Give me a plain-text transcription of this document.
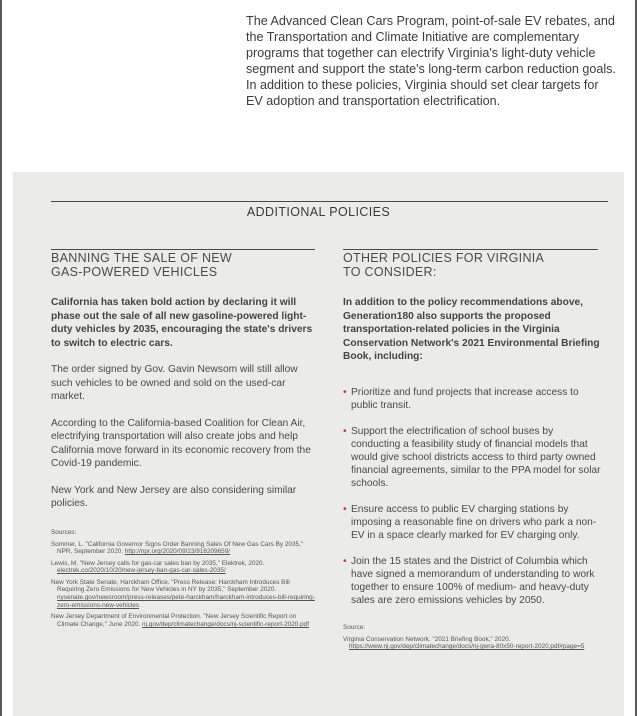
The Advanced Clean Cars Program, point-of-sale EV rebates, and the Transportation and Climate Initiative are complementary programs that together can electrify Virginia's light-duty vehicle segment and support the state's long-term carbon reduction goals. In addition to these policies, Virginia should set clear targets for EV adoption and transportation electrification.
ADDITIONAL POLICIES
BANNING THE SALE OF NEW
GAS-POWERED VEHICLES

California has taken bold action by declaring it will phase out the sale of all new gasoline-powered light-duty vehicles by 2035, encouraging the state's drivers to switch to electric cars.

The order signed by Gov. Gavin Newsom will still allow such vehicles to be owned and sold on the used-car market.

According to the California-based Coalition for Clean Air, electrifying transportation will also create jobs and help California move forward in its economic recovery from the Covid-19 pandemic.

New York and New Jersey are also considering similar policies.

Sources:

Sommer, L. "California Governor Signs Order Banning Sales Of New Gas Cars By 2035," NPR, September 2020. http://npr.org/2020/09/23/916209659/

Lewis, M. "New Jersey calls for gas-car sales ban by 2035," Elektrek, 2020. electrek.co/2020/10/20/new-jersey-ban-gas-car-sales-2035/

New York State Senate, Harckham Office. "Press Release: Harckham Introduces Bill Requiring Zero Emissions for New Vehicles in NY by 2035," September 2020. nysenate.gov/newsroom/press-releases/pete-harckham/harckham-introduces-bill-requiring-zero-emissions-new-vehicles

New Jersey Department of Environmental Protection. "New Jersey Scientific Report on Climate Change," June 2020. nj.gov/dep/climatechange/docs/nj-scientific-report-2020.pdf

OTHER POLICIES FOR VIRGINIA
TO CONSIDER:

In addition to the policy recommendations above, Generation180 also supports the proposed transportation-related policies in the Virginia Conservation Network's 2021 Environmental Briefing Book, including:

• Prioritize and fund projects that increase access to public transit.
• Support the electrification of school buses by conducting a feasibility study of financial models that would give school districts access to third party owned financial agreements, similar to the PPA model for solar schools.
• Ensure access to public EV charging stations by imposing a reasonable fine on drivers who park a non-EV in a space clearly marked for EV charging only.
• Join the 15 states and the District of Columbia which have signed a memorandum of understanding to work together to ensure 100% of medium- and heavy-duty sales are zero emissions vehicles by 2050.
Source:

Virginia Conservation Network. "2021 Briefing Book," 2020. https://www.nj.gov/dep/climatechange/docs/nj-gwra-80x50-report-2020.pdf#page=5
